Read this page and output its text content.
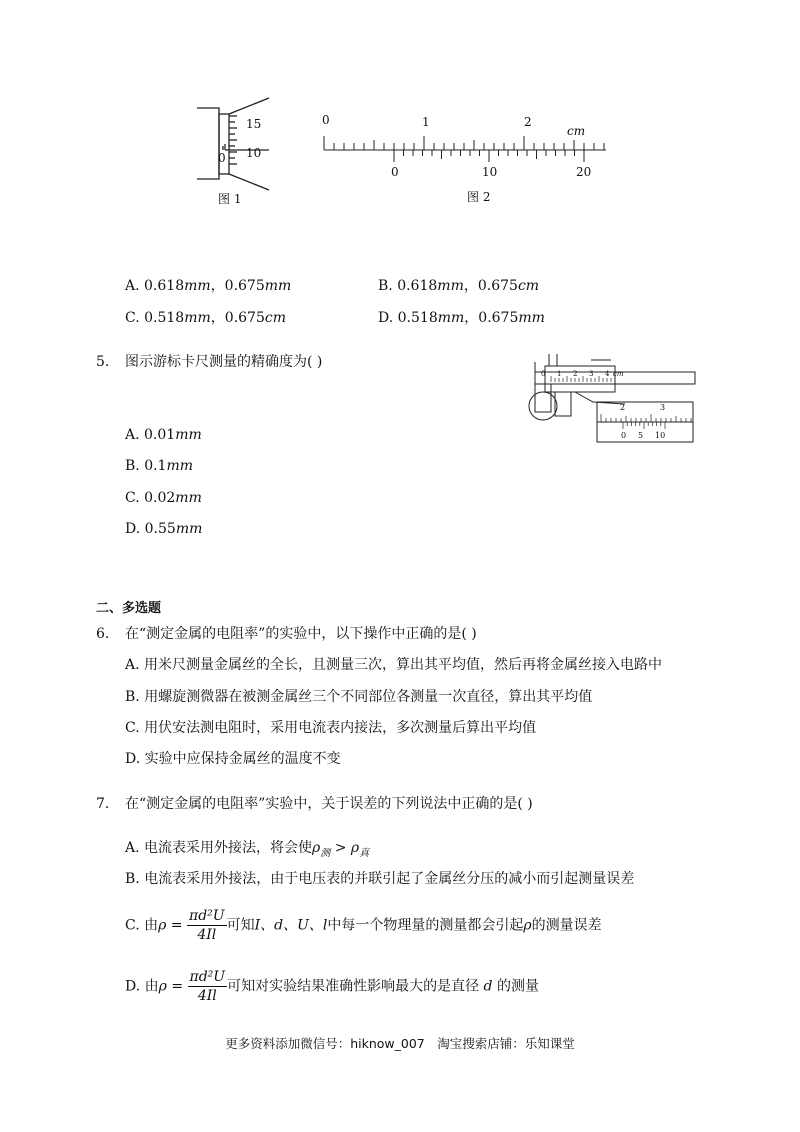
15
10
0
图 1
0	1	2
cm
0	10	20
图 2
A. 0.618mm，0.675mm	B. 0.618mm，0.675cm
C. 0.518mm，0.675cm	D. 0.518mm，0.675mm
5. 图示游标卡尺测量的精确度为( )
0 1 2 3 4 cm
2	3
0 5 10
A. 0.01mm
B. 0.1mm
C. 0.02mm
D. 0.55mm
二、多选题
6. 在“测定金属的电阻率”的实验中，以下操作中正确的是( )
A. 用米尺测量金属丝的全长，且测量三次，算出其平均值，然后再将金属丝接入电路中
B. 用螺旋测微器在被测金属丝三个不同部位各测量一次直径，算出其平均值
C. 用伏安法测电阻时，采用电流表内接法，多次测量后算出平均值
D. 实验中应保持金属丝的温度不变
7. 在“测定金属的电阻率”实验中，关于误差的下列说法中正确的是( )
A. 电流表采用外接法，将会使$\rho_测 > \rho_真$
B. 电流表采用外接法，由于电压表的并联引起了金属丝分压的减小而引起测量误差
C. 由$\rho = \frac{\text{πd²U}}{4Il}$ 可知I、d、U、l中每一个物理量的测量都会引起ρ的测量误差
D. 由$\rho = \frac{\text{πd²U}}{4Il}$ 可知对实验结果准确性影响最大的是直径 d 的测量
更多资料添加微信号：hiknow_007　淘宝搜索店铺：乐知课堂
